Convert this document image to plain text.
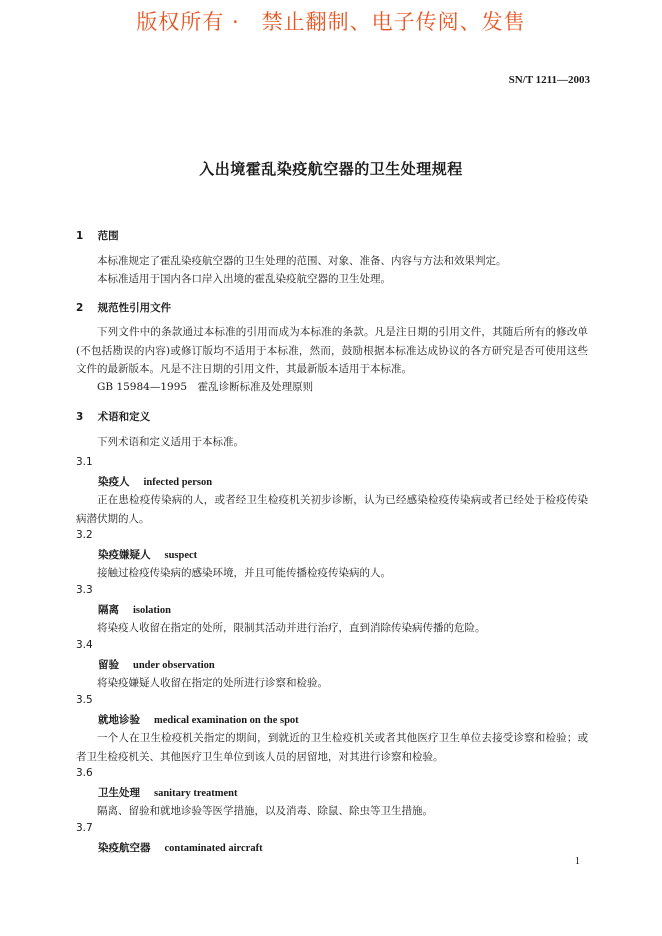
版权所有 ·　禁止翻制、电子传阅、发售
SN/T 1211—2003
入出境霍乱染疫航空器的卫生处理规程
1 范围
本标准规定了霍乱染疫航空器的卫生处理的范围、对象、准备、内容与方法和效果判定。
本标准适用于国内各口岸入出境的霍乱染疫航空器的卫生处理。
2 规范性引用文件
下列文件中的条款通过本标准的引用而成为本标准的条款。凡是注日期的引用文件，其随后所有的修改单(不包括勘误的内容)或修订版均不适用于本标准，然而，鼓励根据本标准达成协议的各方研究是否可使用这些文件的最新版本。凡是不注日期的引用文件，其最新版本适用于本标准。
GB 15984—1995　霍乱诊断标准及处理原则
3 术语和定义
下列术语和定义适用于本标准。
3.1
染疫人 infected person
正在患检疫传染病的人，或者经卫生检疫机关初步诊断，认为已经感染检疫传染病或者已经处于检疫传染病潜伏期的人。
3.2
染疫嫌疑人 suspect
接触过检疫传染病的感染环境，并且可能传播检疫传染病的人。
3.3
隔离 isolation
将染疫人收留在指定的处所，限制其活动并进行治疗，直到消除传染病传播的危险。
3.4
留验 under observation
将染疫嫌疑人收留在指定的处所进行诊察和检验。
3.5
就地诊验 medical examination on the spot
一个人在卫生检疫机关指定的期间，到就近的卫生检疫机关或者其他医疗卫生单位去接受诊察和检验；或者卫生检疫机关、其他医疗卫生单位到该人员的居留地，对其进行诊察和检验。
3.6
卫生处理 sanitary treatment
隔离、留验和就地诊验等医学措施，以及消毒、除鼠、除虫等卫生措施。
3.7
染疫航空器 contaminated aircraft
1
